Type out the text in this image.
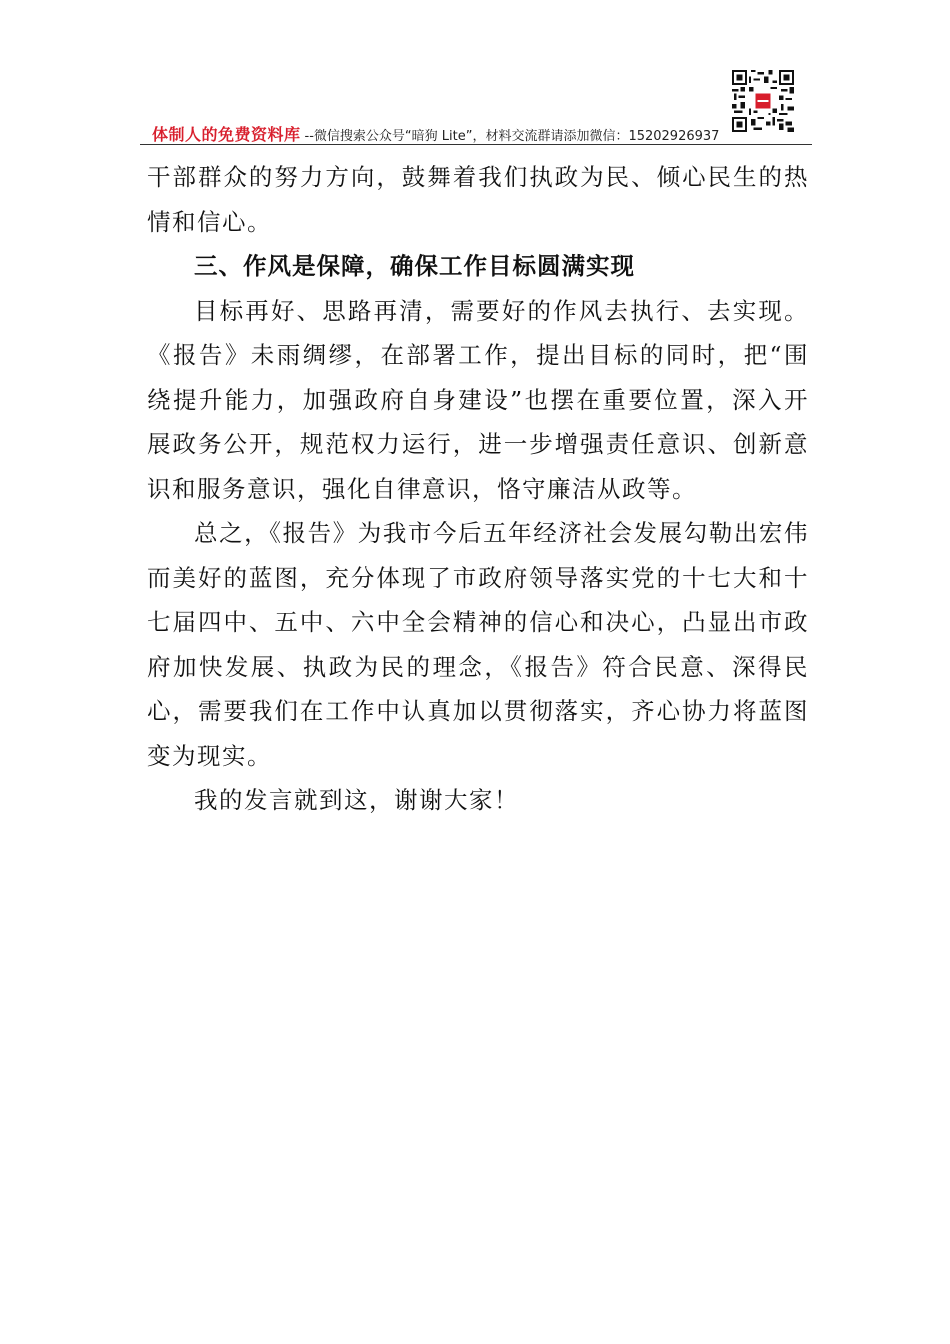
体制人的免费资料库 --微信搜索公众号“暗狗 Lite”，材料交流群请添加微信：15202926937

干部群众的努力方向，鼓舞着我们执政为民、倾心民生的热情和信心。

三、作风是保障，确保工作目标圆满实现

目标再好、思路再清，需要好的作风去执行、去实现。《报告》未雨绸缪，在部署工作，提出目标的同时，把“围绕提升能力，加强政府自身建设”也摆在重要位置，深入开展政务公开，规范权力运行，进一步增强责任意识、创新意识和服务意识，强化自律意识，恪守廉洁从政等。

总之，《报告》为我市今后五年经济社会发展勾勒出宏伟而美好的蓝图，充分体现了市政府领导落实党的十七大和十七届四中、五中、六中全会精神的信心和决心，凸显出市政府加快发展、执政为民的理念，《报告》符合民意、深得民心，需要我们在工作中认真加以贯彻落实，齐心协力将蓝图变为现实。

我的发言就到这，谢谢大家！
